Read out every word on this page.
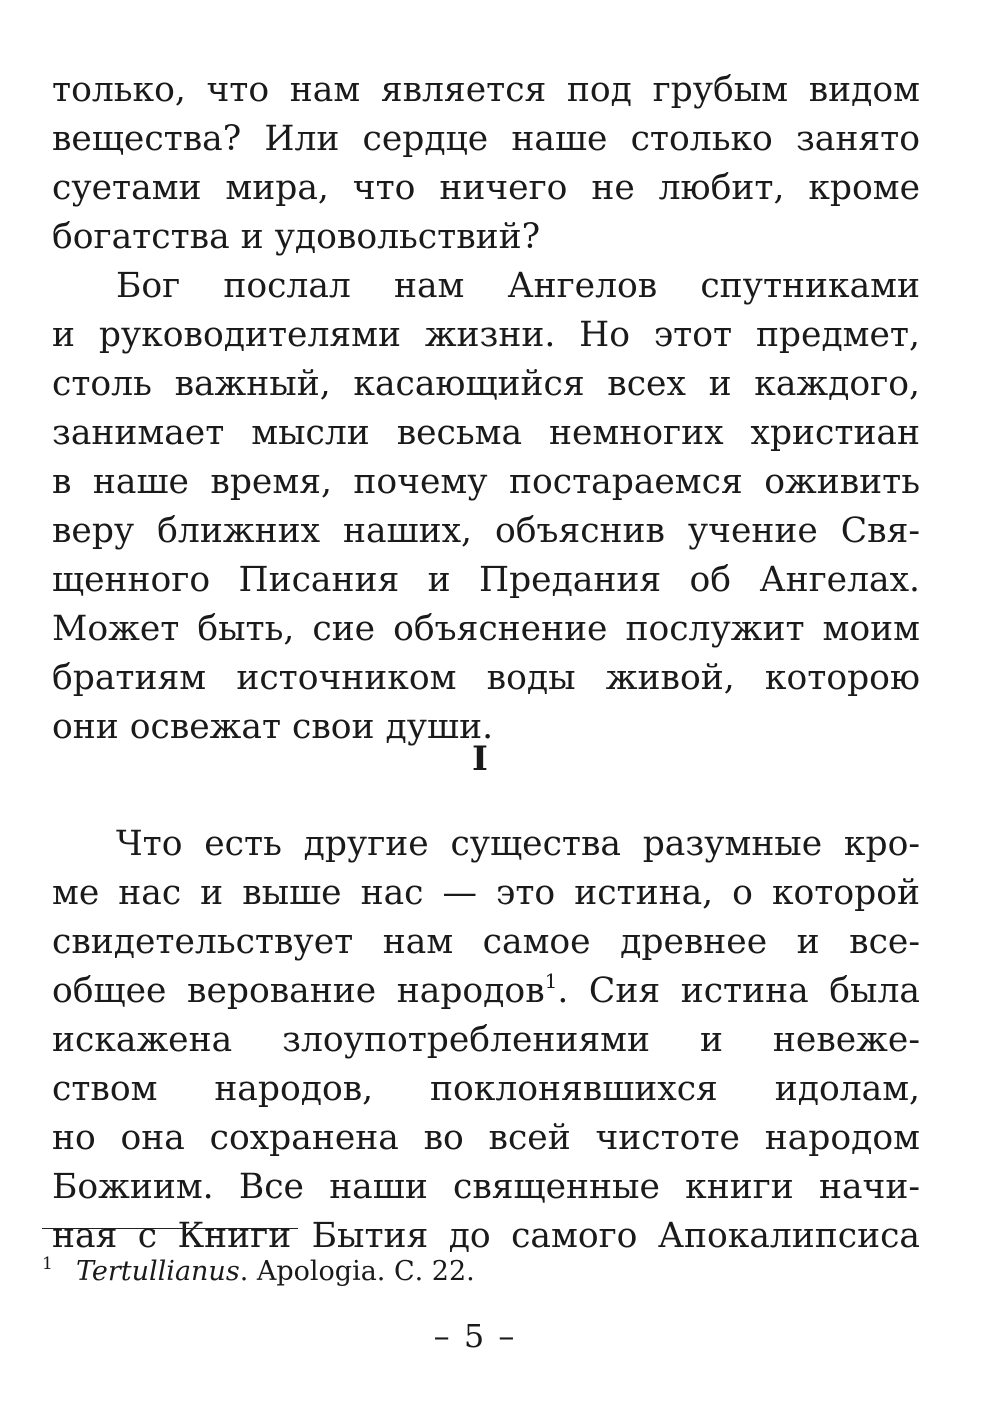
только, что нам является под грубым видом
вещества? Или сердце наше столько занято
суетами мира, что ничего не любит, кроме
богатства и удовольствий?
Бог послал нам Ангелов спутниками
и руководителями жизни. Но этот предмет,
столь важный, касающийся всех и каждого,
занимает мысли весьма немногих христиан
в наше время, почему постараемся оживить
веру ближних наших, объяснив учение Свя-
щенного Писания и Предания об Ангелах.
Может быть, сие объяснение послужит моим
братиям источником воды живой, которою
они освежат свои души.
I
Что есть другие существа разумные кро-
ме нас и выше нас — это истина, о которой
свидетельствует нам самое древнее и все-
общее верование народов$^1$. Сия истина была
искажена злоупотреблениями и невеже-
ством народов, поклонявшихся идолам,
но она сохранена во всей чистоте народом
Божиим. Все наши священные книги начи-
ная с Книги Бытия до самого Апокалипсиса
1 Tertullianus. Apologia. С. 22.
– 5 –
